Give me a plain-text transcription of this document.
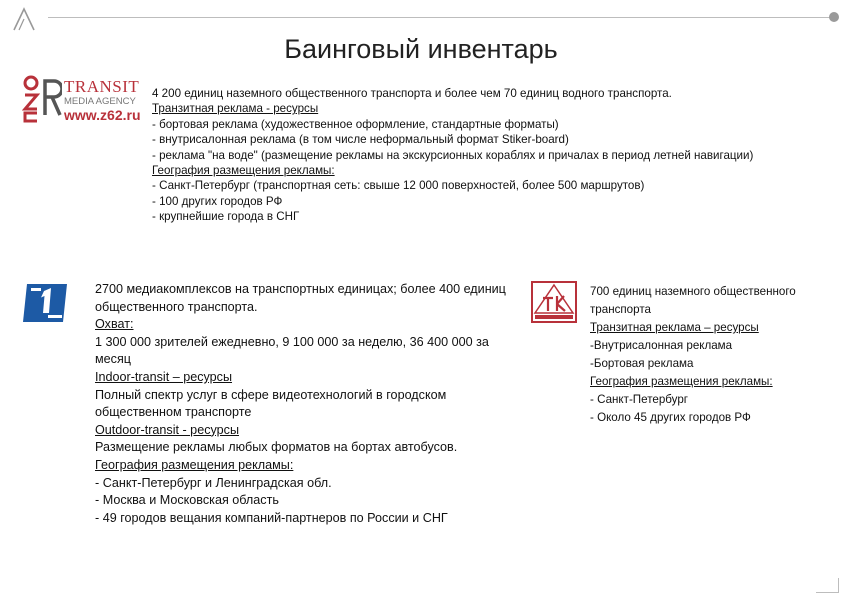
Баинговый инвентарь
TRANSIT
MEDIA AGENCY
www.z62.ru
4 200 единиц наземного общественного транспорта и более чем 70 единиц водного транспорта.
Транзитная реклама - ресурсы
- бортовая реклама (художественное оформление, стандартные форматы)
- внутрисалонная реклама (в том числе неформальный формат Stiker-board)
- реклама "на воде" (размещение рекламы на экскурсионных кораблях и причалах в период летней навигации)
География размещения рекламы:
- Санкт-Петербург (транспортная сеть: свыше 12 000 поверхностей, более 500 маршрутов)
- 100 других городов РФ
- крупнейшие города в СНГ
2700 медиакомплексов на транспортных единицах; более 400 единиц общественного транспорта.
Охват:
1 300 000 зрителей ежедневно, 9 100 000 за неделю, 36 400 000 за месяц
Indoor-transit – ресурсы
Полный спектр услуг в сфере видеотехнологий в городском общественном транспорте
Outdoor-transit - ресурсы
Размещение рекламы любых форматов на бортах автобусов.
География размещения рекламы:
- Санкт-Петербург и Ленинградская обл.
- Москва и Московская область
- 49 городов вещания компаний-партнеров по России и СНГ
700 единиц наземного общественного транспорта
Транзитная реклама – ресурсы
-Внутрисалонная реклама
-Бортовая реклама
География размещения рекламы:
- Санкт-Петербург
- Около 45 других городов РФ
